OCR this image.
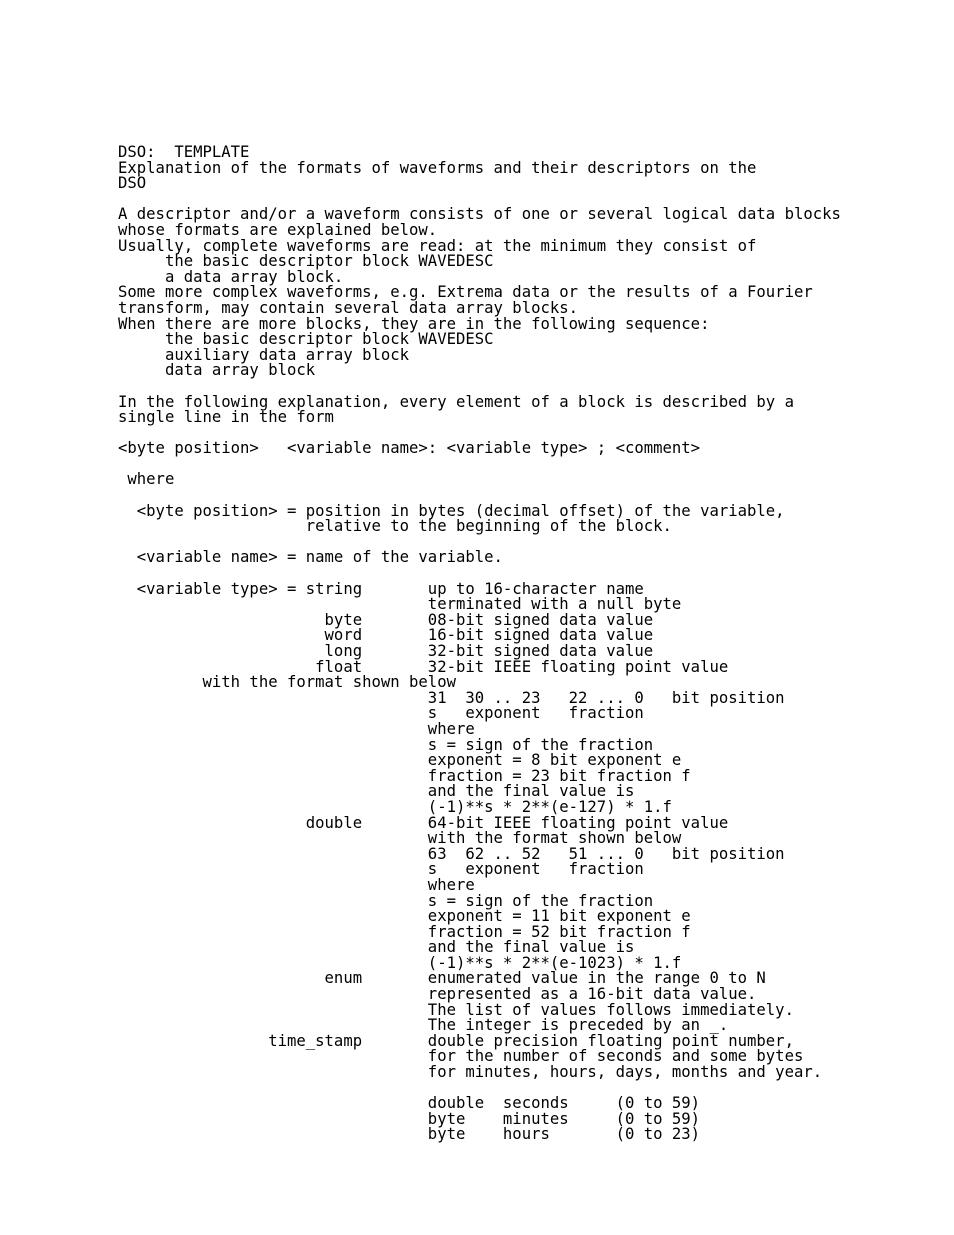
DSO:  TEMPLATE
Explanation of the formats of waveforms and their descriptors on the
DSO
A descriptor and/or a waveform consists of one or several logical data blocks
whose formats are explained below.
Usually, complete waveforms are read: at the minimum they consist of
the basic descriptor block WAVEDESC
a data array block.
Some more complex waveforms, e.g. Extrema data or the results of a Fourier
transform, may contain several data array blocks.
When there are more blocks, they are in the following sequence:
the basic descriptor block WAVEDESC
auxiliary data array block
data array block
In the following explanation, every element of a block is described by a
single line in the form
<byte position>   <variable name>: <variable type> ; <comment>
where
<byte position> = position in bytes (decimal offset) of the variable,
relative to the beginning of the block.
<variable name> = name of the variable.
<variable type> = string       up to 16-character name
terminated with a null byte
byte       08-bit signed data value
word       16-bit signed data value
long       32-bit signed data value
float       32-bit IEEE floating point value
with the format shown below
31  30 .. 23   22 ... 0   bit position
s   exponent   fraction
where
s = sign of the fraction
exponent = 8 bit exponent e
fraction = 23 bit fraction f
and the final value is
(-1)**s * 2**(e-127) * 1.f
double       64-bit IEEE floating point value
with the format shown below
63  62 .. 52   51 ... 0   bit position
s   exponent   fraction
where
s = sign of the fraction
exponent = 11 bit exponent e
fraction = 52 bit fraction f
and the final value is
(-1)**s * 2**(e-1023) * 1.f
enum       enumerated value in the range 0 to N
represented as a 16-bit data value.
The list of values follows immediately.
The integer is preceded by an _.
time_stamp       double precision floating point number,
for the number of seconds and some bytes
for minutes, hours, days, months and year.
double  seconds     (0 to 59)
byte    minutes     (0 to 59)
byte    hours       (0 to 23)
